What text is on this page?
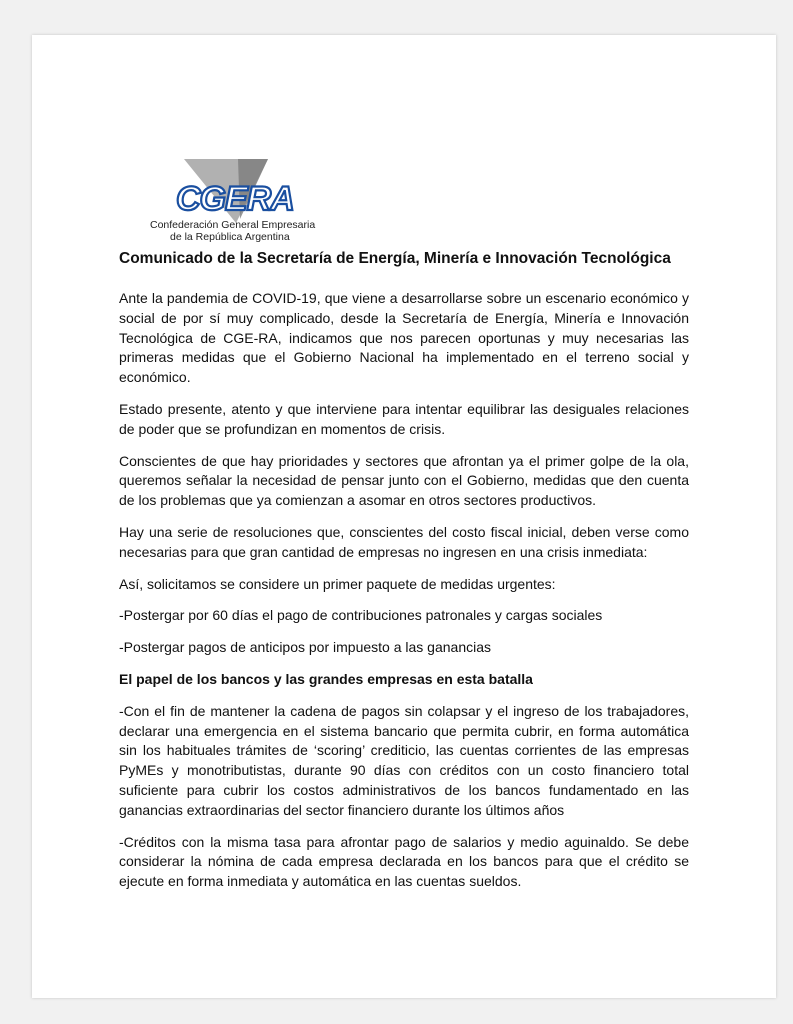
CGERA
Confederación General Empresaria
de la República Argentina
Comunicado de la Secretaría de Energía, Minería e Innovación Tecnológica

Ante la pandemia de COVID-19, que viene a desarrollarse sobre un escenario económico y social de por sí muy complicado, desde la Secretaría de Energía, Minería e Innovación Tecnológica de CGE-RA, indicamos que nos parecen oportunas y muy necesarias las primeras medidas que el Gobierno Nacional ha implementado en el terreno social y económico.

Estado presente, atento y que interviene para intentar equilibrar las desiguales relaciones de poder que se profundizan en momentos de crisis.

Conscientes de que hay prioridades y sectores que afrontan ya el primer golpe de la ola, queremos señalar la necesidad de pensar junto con el Gobierno, medidas que den cuenta de los problemas que ya comienzan a asomar en otros sectores productivos.

Hay una serie de resoluciones que, conscientes del costo fiscal inicial, deben verse como necesarias para que gran cantidad de empresas no ingresen en una crisis inmediata:

Así, solicitamos se considere un primer paquete de medidas urgentes:

-Postergar por 60 días el pago de contribuciones patronales y cargas sociales

-Postergar pagos de anticipos por impuesto a las ganancias

El papel de los bancos y las grandes empresas en esta batalla

-Con el fin de mantener la cadena de pagos sin colapsar y el ingreso de los trabajadores, declarar una emergencia en el sistema bancario que permita cubrir, en forma automática sin los habituales trámites de ‘scoring’ crediticio, las cuentas corrientes de las empresas PyMEs y monotributistas, durante 90 días con créditos con un costo financiero total suficiente para cubrir los costos administrativos de los bancos fundamentado en las ganancias extraordinarias del sector financiero durante los últimos años

-Créditos con la misma tasa para afrontar pago de salarios y medio aguinaldo. Se debe considerar la nómina de cada empresa declarada en los bancos para que el crédito se ejecute en forma inmediata y automática en las cuentas sueldos.
